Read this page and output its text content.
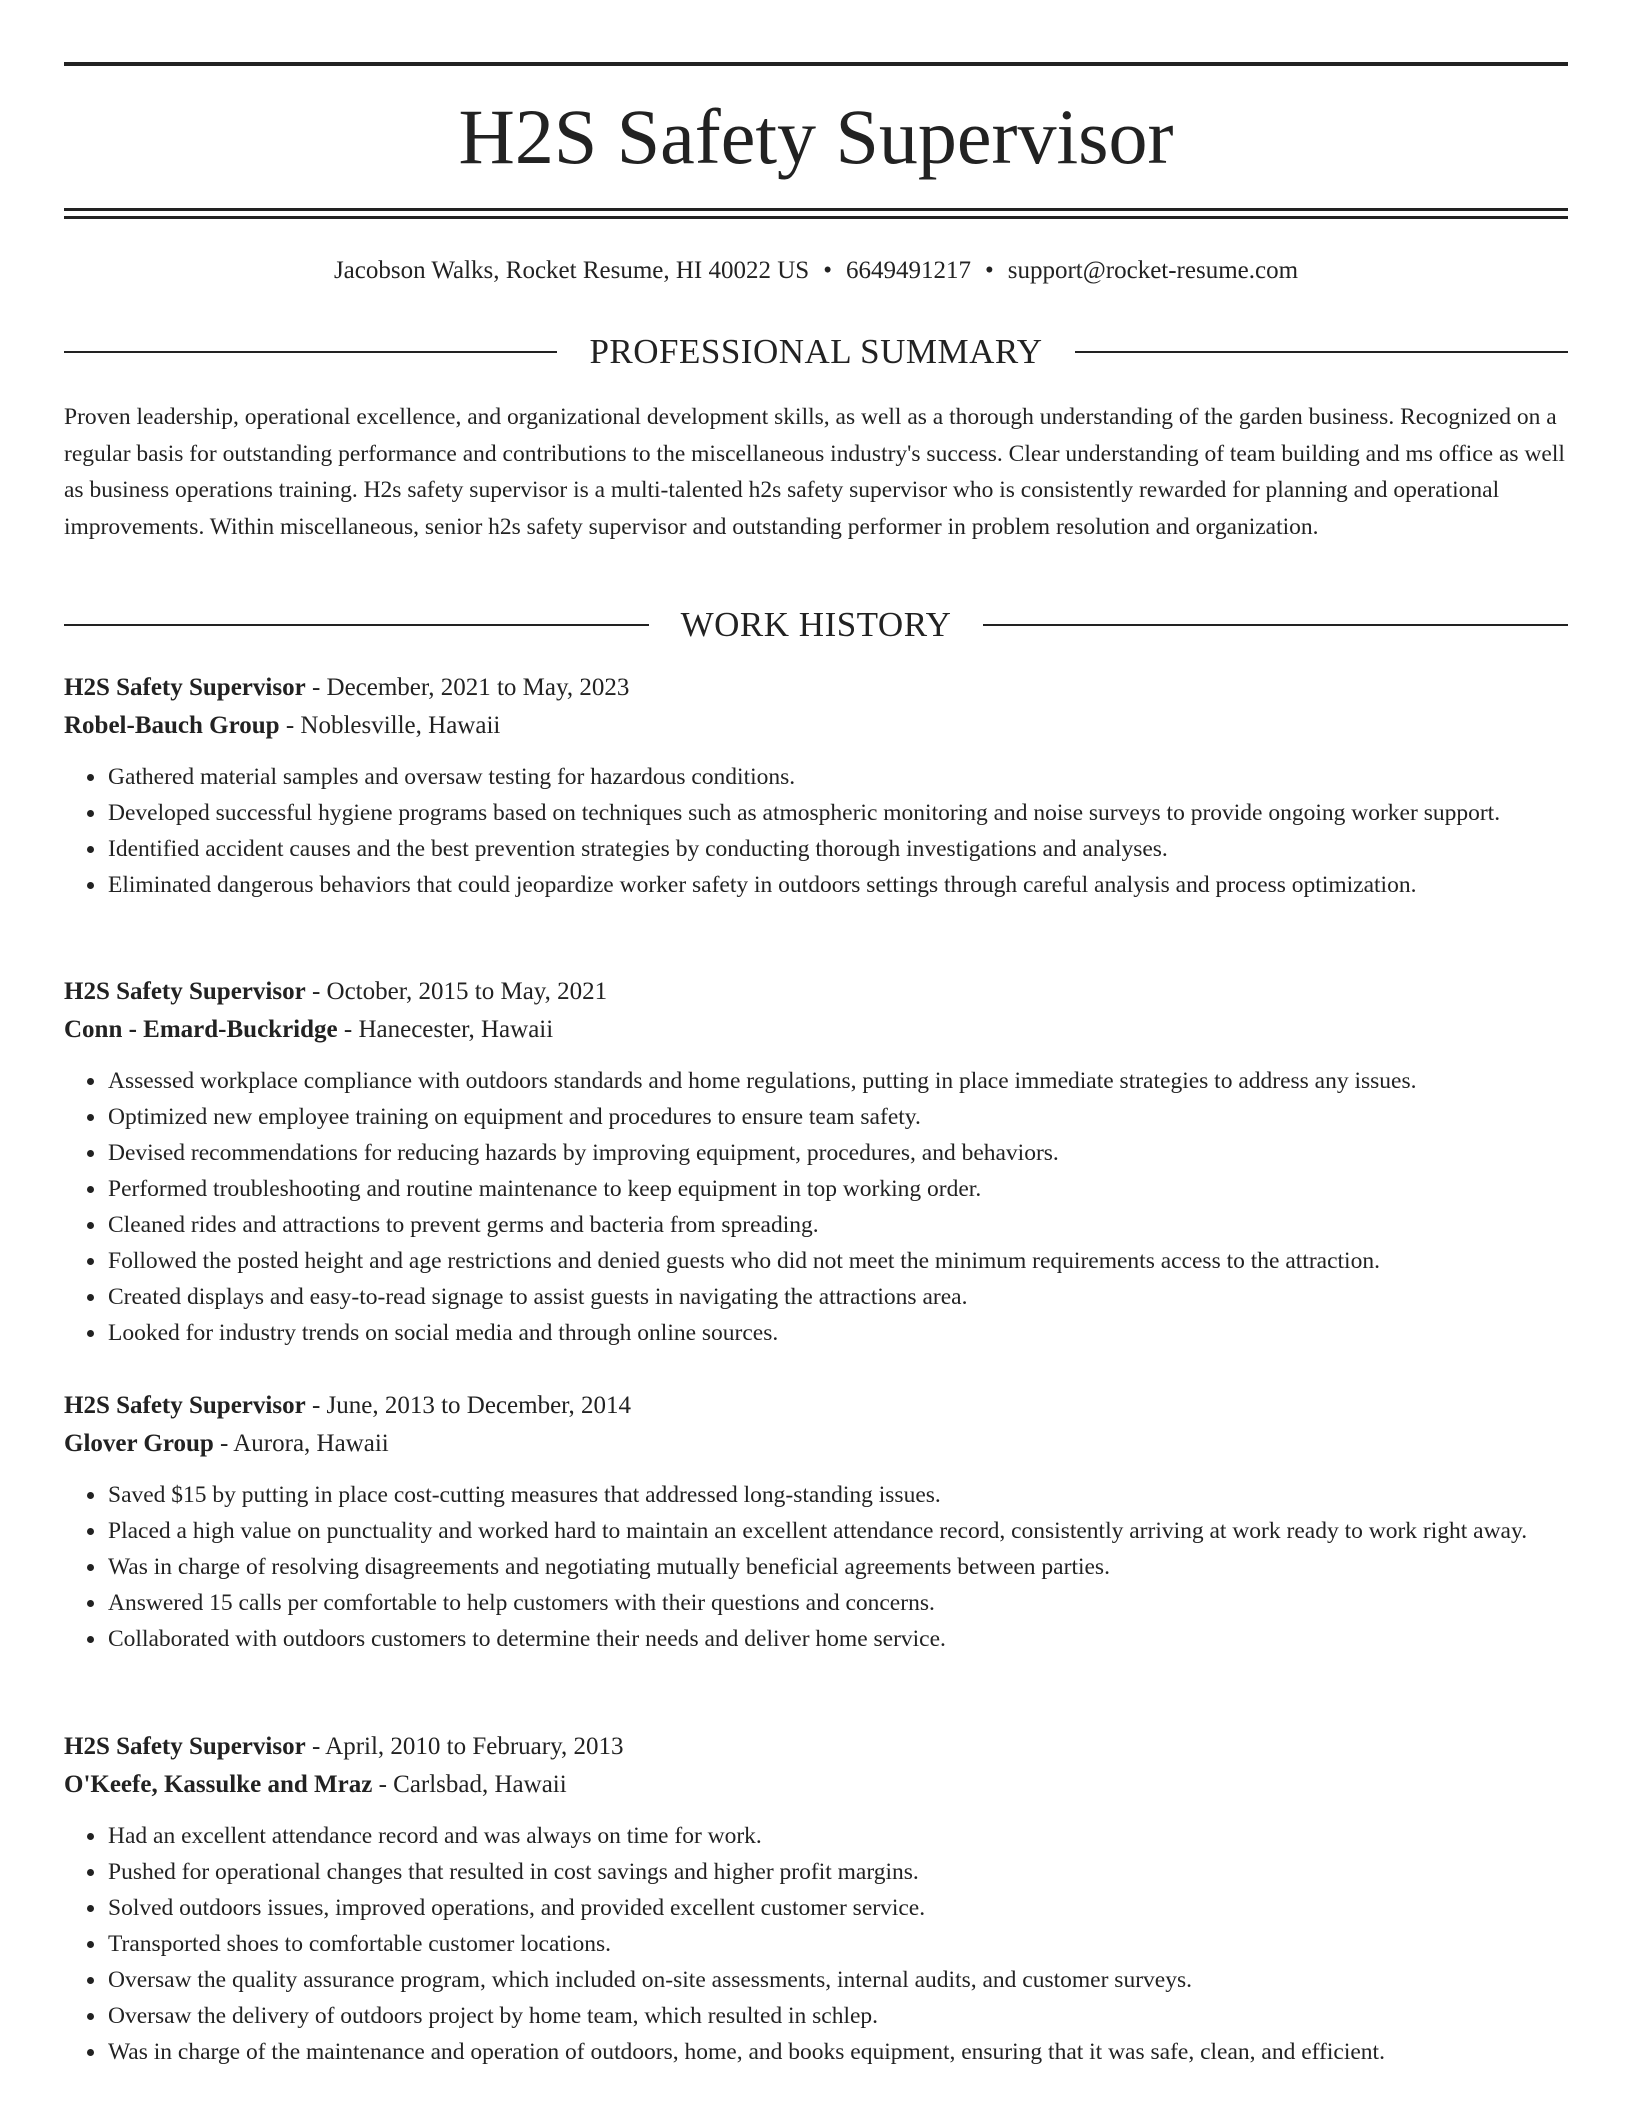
H2S Safety Supervisor
Jacobson Walks, Rocket Resume, HI 40022 US • 6649491217 • support@rocket-resume.com
PROFESSIONAL SUMMARY

Proven leadership, operational excellence, and organizational development skills, as well as a thorough understanding of the garden business. Recognized on a regular basis for outstanding performance and contributions to the miscellaneous industry's success. Clear understanding of team building and ms office as well as business operations training. H2s safety supervisor is a multi-talented h2s safety supervisor who is consistently rewarded for planning and operational improvements. Within miscellaneous, senior h2s safety supervisor and outstanding performer in problem resolution and organization.

WORK HISTORY

H2S Safety Supervisor - December, 2021 to May, 2023

Robel-Bauch Group - Noblesville, Hawaii

• Gathered material samples and oversaw testing for hazardous conditions.
• Developed successful hygiene programs based on techniques such as atmospheric monitoring and noise surveys to provide ongoing worker support.
• Identified accident causes and the best prevention strategies by conducting thorough investigations and analyses.
• Eliminated dangerous behaviors that could jeopardize worker safety in outdoors settings through careful analysis and process optimization.

H2S Safety Supervisor - October, 2015 to May, 2021

Conn - Emard-Buckridge - Hanecester, Hawaii

• Assessed workplace compliance with outdoors standards and home regulations, putting in place immediate strategies to address any issues.
• Optimized new employee training on equipment and procedures to ensure team safety.
• Devised recommendations for reducing hazards by improving equipment, procedures, and behaviors.
• Performed troubleshooting and routine maintenance to keep equipment in top working order.
• Cleaned rides and attractions to prevent germs and bacteria from spreading.
• Followed the posted height and age restrictions and denied guests who did not meet the minimum requirements access to the attraction.
• Created displays and easy-to-read signage to assist guests in navigating the attractions area.
• Looked for industry trends on social media and through online sources.

H2S Safety Supervisor - June, 2013 to December, 2014

Glover Group - Aurora, Hawaii

• Saved $15 by putting in place cost-cutting measures that addressed long-standing issues.
• Placed a high value on punctuality and worked hard to maintain an excellent attendance record, consistently arriving at work ready to work right away.
• Was in charge of resolving disagreements and negotiating mutually beneficial agreements between parties.
• Answered 15 calls per comfortable to help customers with their questions and concerns.
• Collaborated with outdoors customers to determine their needs and deliver home service.

H2S Safety Supervisor - April, 2010 to February, 2013

O'Keefe, Kassulke and Mraz - Carlsbad, Hawaii

• Had an excellent attendance record and was always on time for work.
• Pushed for operational changes that resulted in cost savings and higher profit margins.
• Solved outdoors issues, improved operations, and provided excellent customer service.
• Transported shoes to comfortable customer locations.
• Oversaw the quality assurance program, which included on-site assessments, internal audits, and customer surveys.
• Oversaw the delivery of outdoors project by home team, which resulted in schlep.
• Was in charge of the maintenance and operation of outdoors, home, and books equipment, ensuring that it was safe, clean, and efficient.
